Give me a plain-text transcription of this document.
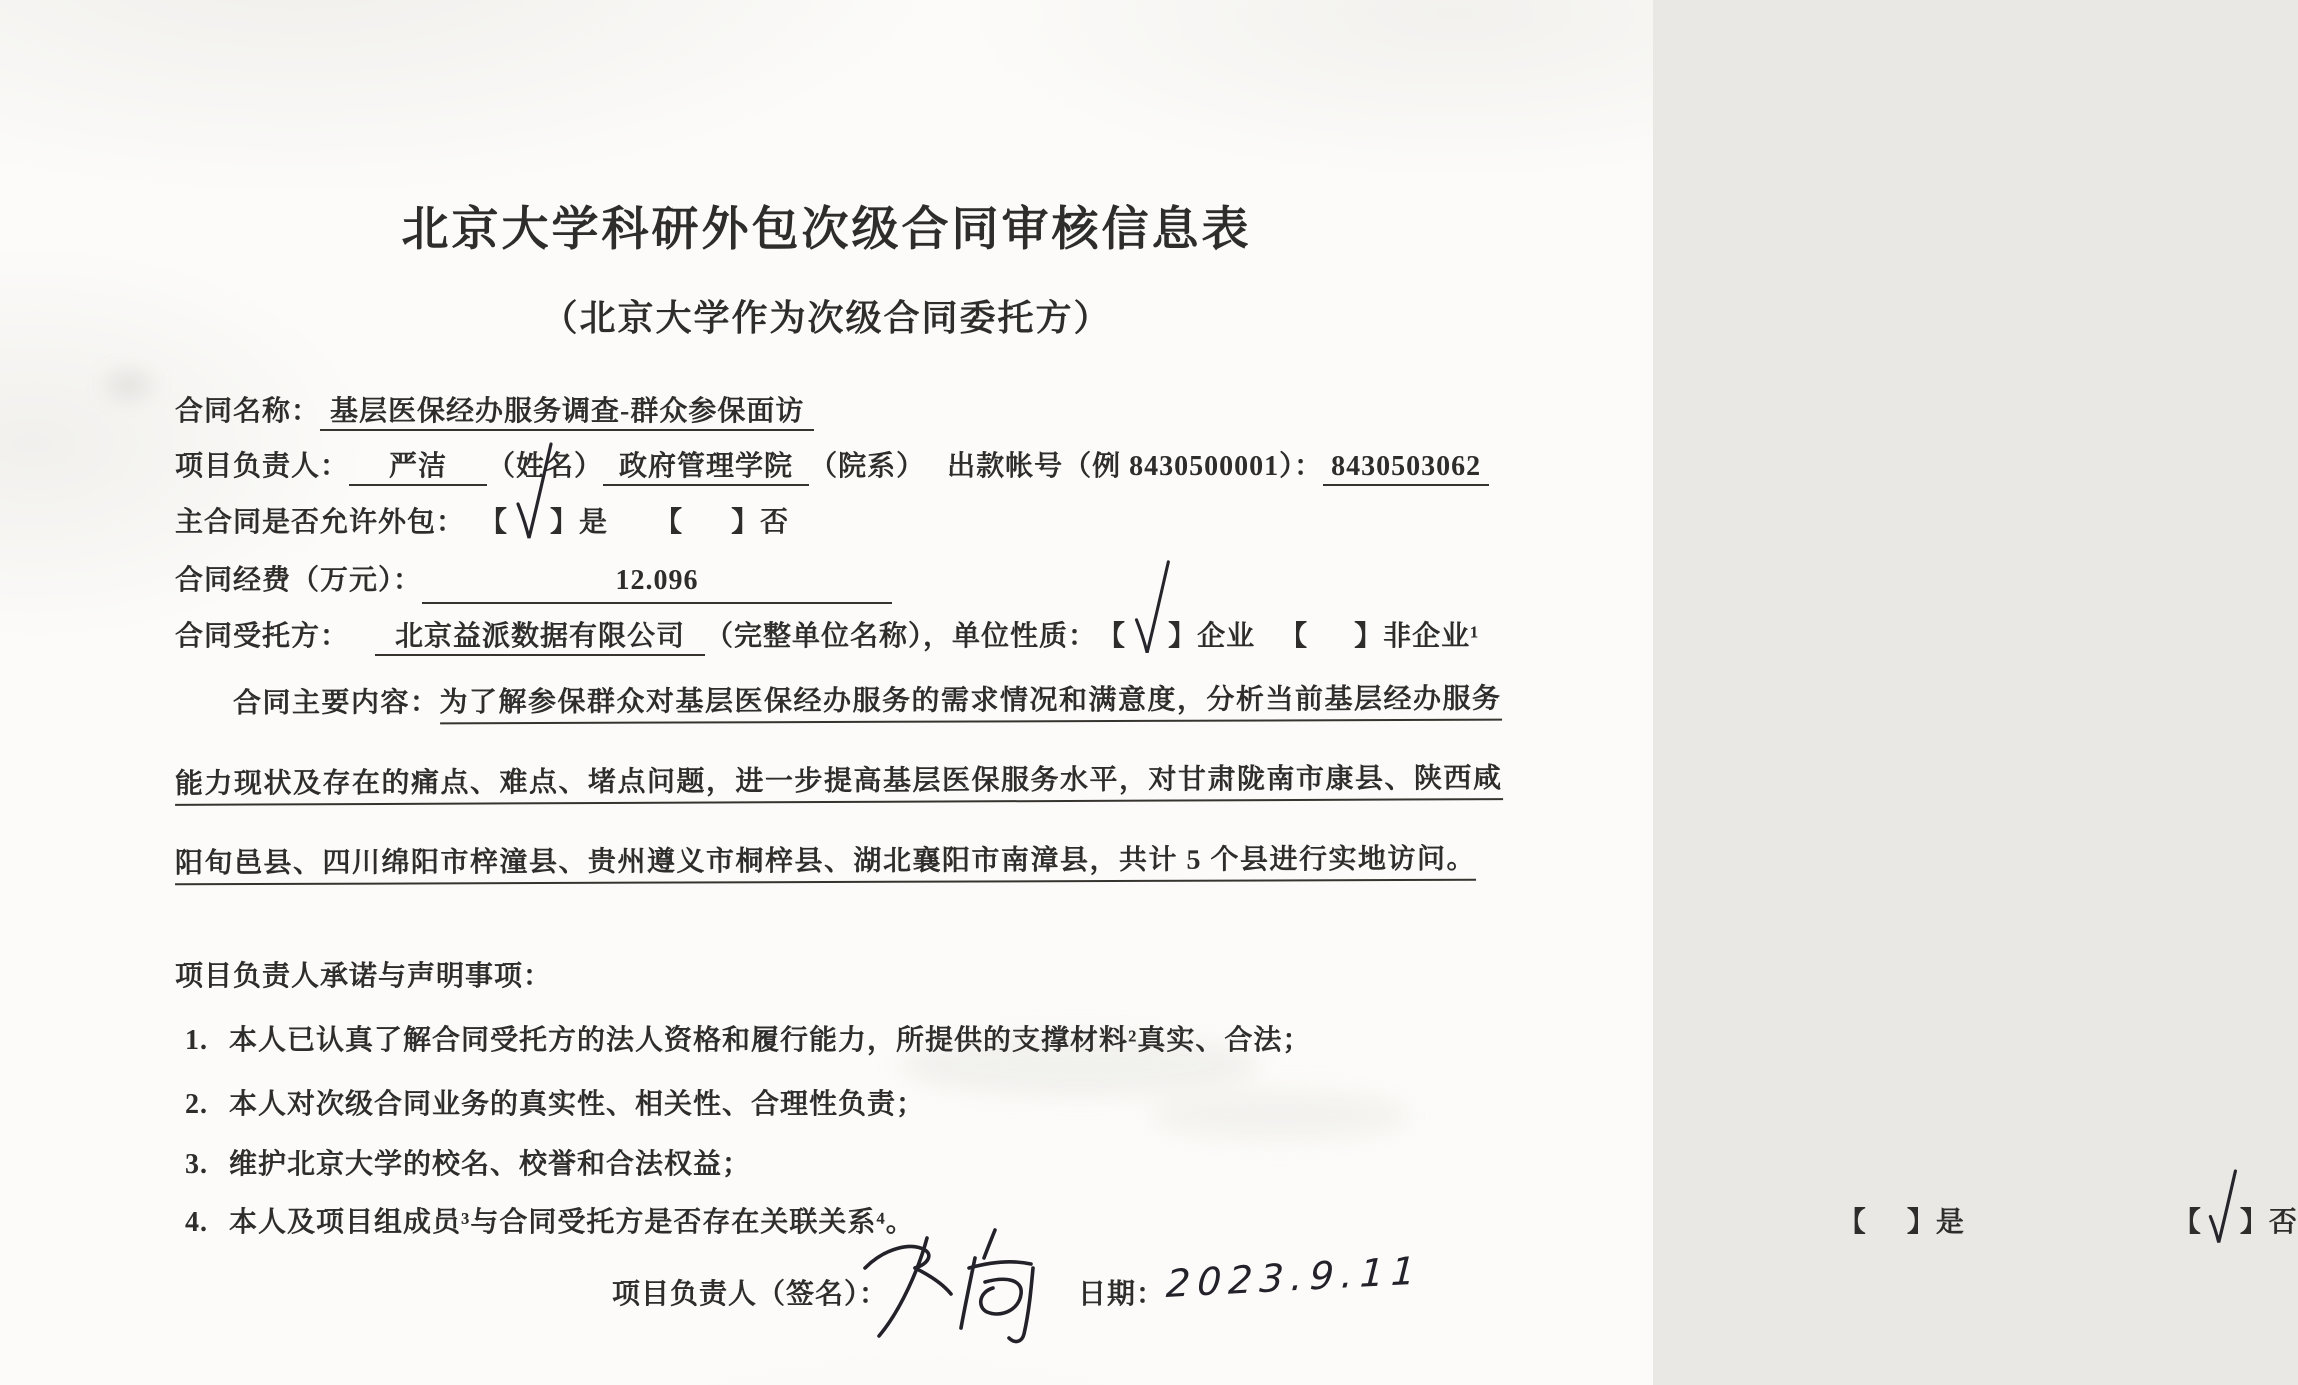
北京大学科研外包次级合同审核信息表
（北京大学作为次级合同委托方）
合同名称： 基层医保经办服务调查-群众参保面访
项目负责人： 严洁 （姓名） 政府管理学院 （院系） 出款帐号（例 8430500001）： 8430503062
主合同是否允许外包： 【 】是 【 】否
合同经费（万元）：	12.096
合同受托方： 北京益派数据有限公司 （完整单位名称），单位性质：【 】企业 【 】非企业¹
合同主要内容：为了解参保群众对基层医保经办服务的需求情况和满意度，分析当前基层经办服务
能力现状及存在的痛点、难点、堵点问题，进一步提高基层医保服务水平，对甘肃陇南市康县、陕西咸
阳旬邑县、四川绵阳市梓潼县、贵州遵义市桐梓县、湖北襄阳市南漳县，共计 5 个县进行实地访问。
项目负责人承诺与声明事项：
1. 本人已认真了解合同受托方的法人资格和履行能力，所提供的支撑材料²真实、合法；
2. 本人对次级合同业务的真实性、相关性、合理性负责；
3. 维护北京大学的校名、校誉和合法权益；
4. 本人及项目组成员³与合同受托方是否存在关联关系⁴。	【 】是	【 】否
项目负责人（签名）：	日期： 2023.9.11
